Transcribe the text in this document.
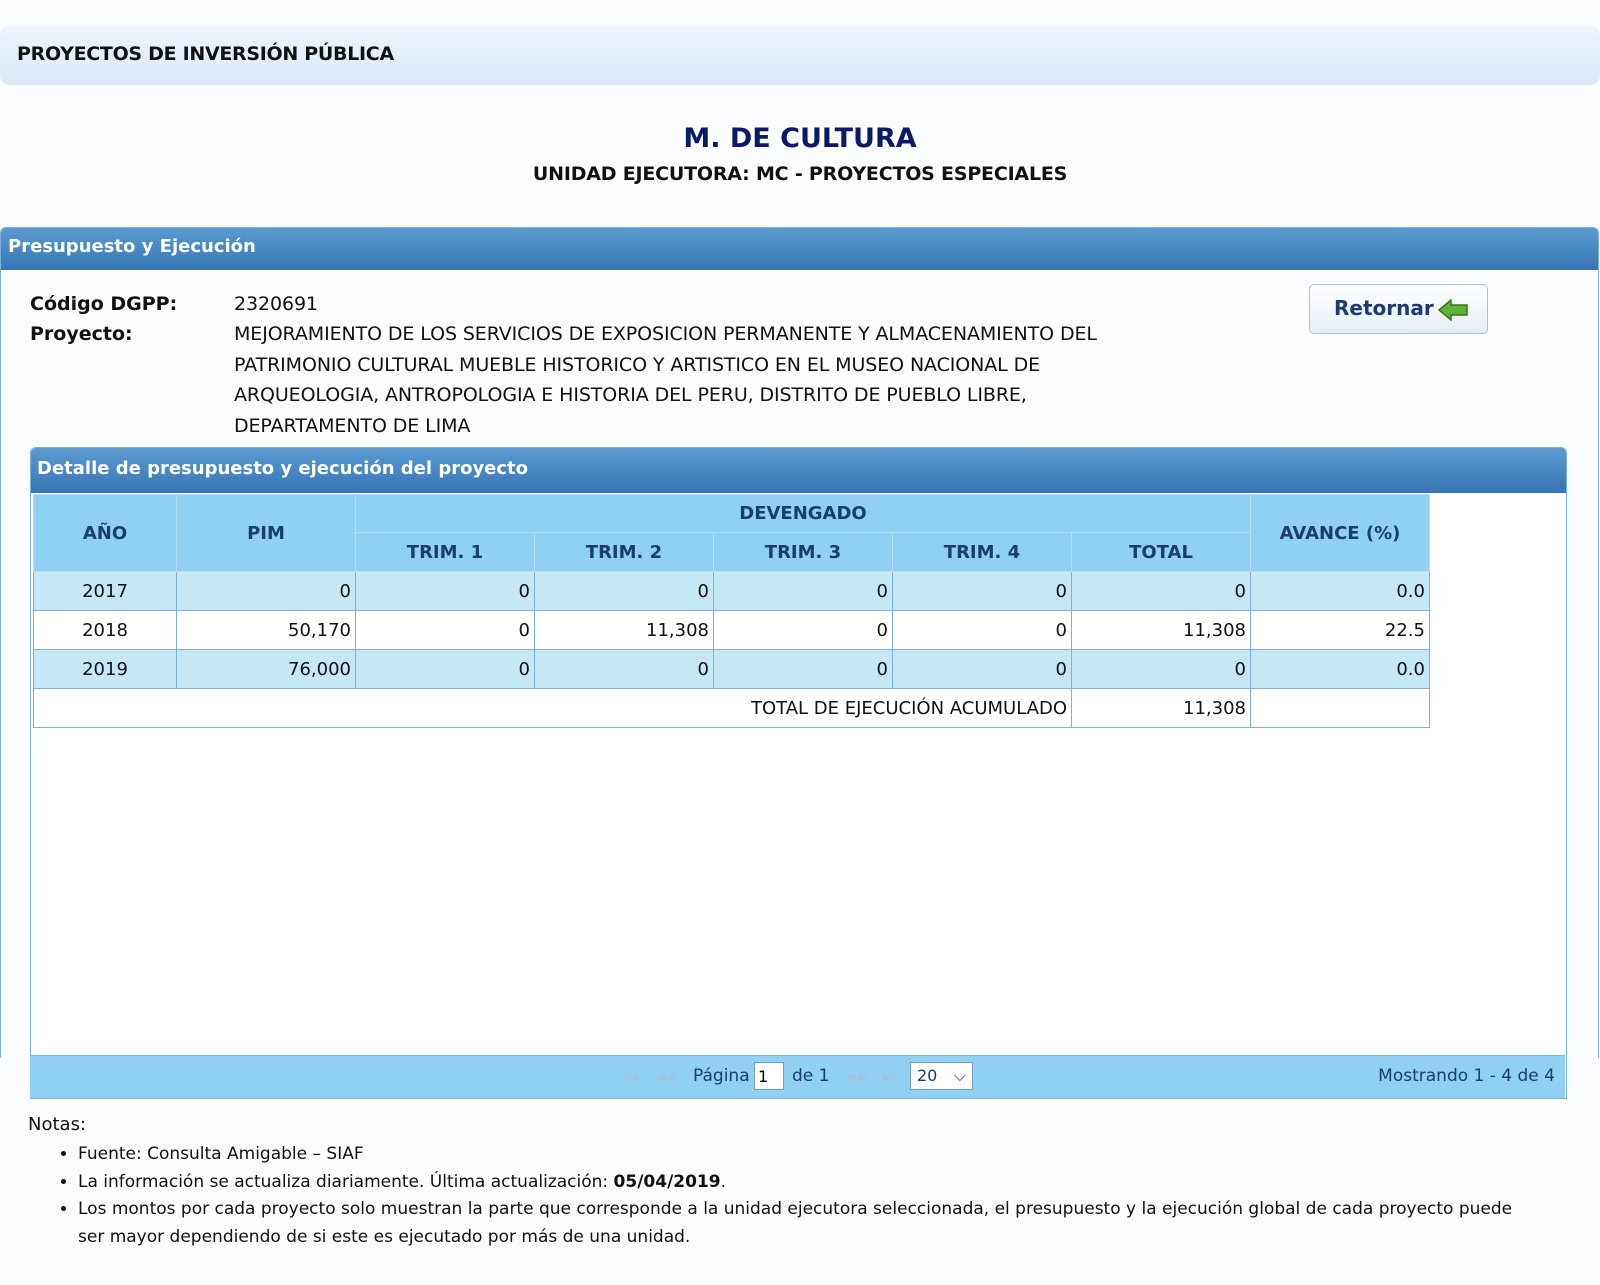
PROYECTOS DE INVERSIÓN PÚBLICA
M. DE CULTURA
UNIDAD EJECUTORA: MC - PROYECTOS ESPECIALES
Presupuesto y Ejecución
Código DGPP:	2320691
Proyecto:	MEJORAMIENTO DE LOS SERVICIOS DE EXPOSICION PERMANENTE Y ALMACENAMIENTO DEL
PATRIMONIO CULTURAL MUEBLE HISTORICO Y ARTISTICO EN EL MUSEO NACIONAL DE
ARQUEOLOGIA, ANTROPOLOGIA E HISTORIA DEL PERU, DISTRITO DE PUEBLO LIBRE,
DEPARTAMENTO DE LIMA
Retornar
Detalle de presupuesto y ejecución del proyecto
AÑO	PIM	DEVENGADO					AVANCE (%)
		TRIM. 1	TRIM. 2	TRIM. 3	TRIM. 4	TOTAL	
2017	0	0	0	0	0	0	0.0
2018	50,170	0	11,308	0	0	11,308	22.5
2019	76,000	0	0	0	0	0	0.0
TOTAL DE EJECUCIÓN ACUMULADO						11,308	
|◀ ◀◀ Página
1 de 1 ▶▶ ▶|	20 ⌵	Mostrando 1 - 4 de 4
Notas:
• Fuente: Consulta Amigable – SIAF
• La información se actualiza diariamente. Última actualización: 05/04/2019.
• Los montos por cada proyecto solo muestran la parte que corresponde a la unidad ejecutora seleccionada, el presupuesto y la ejecución global de cada proyecto puede ser mayor dependiendo de si este es ejecutado por más de una unidad.
